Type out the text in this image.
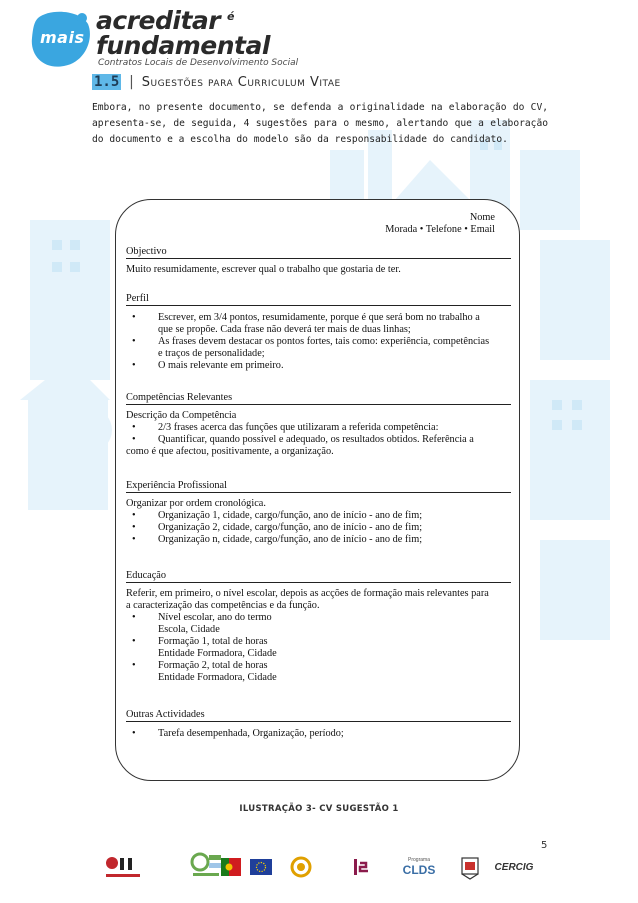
mais
acreditar
fundamental
é
Contratos Locais de Desenvolvimento Social
1.5 | Sugestões para Curriculum Vitae

Embora, no presente documento, se defenda a originalidade na elaboração do CV, apresenta-se, de seguida, 4 sugestões para o mesmo, alertando que a elaboração do documento e a escolha do modelo são da responsabilidade do candidato.

Nome
Morada • Telefone • Email
Objectivo
Muito resumidamente, escrever qual o trabalho que gostaria de ter.
Perfil
• Escrever, em 3/4 pontos, resumidamente, porque é que será bom no trabalho a
que se propõe. Cada frase não deverá ter mais de duas linhas;
• As frases devem destacar os pontos fortes, tais como: experiência, competências
e traços de personalidade;
• O mais relevante em primeiro.
Competências Relevantes
Descrição da Competência
• 2/3 frases acerca das funções que utilizaram a referida competência:
• Quantificar, quando possível e adequado, os resultados obtidos. Referência a
como é que afectou, positivamente, a organização.
Experiência Profissional
Organizar por ordem cronológica.
• Organização 1, cidade, cargo/função, ano de início - ano de fim;
• Organização 2, cidade, cargo/função, ano de início - ano de fim;
• Organização n, cidade, cargo/função, ano de início - ano de fim;
Educação
Referir, em primeiro, o nível escolar, depois as acções de formação mais relevantes para
a caracterização das competências e da função.
• Nível escolar, ano do termo
Escola, Cidade
• Formação 1, total de horas
Entidade Formadora, Cidade
• Formação 2, total de horas
Entidade Formadora, Cidade
Outras Actividades
• Tarefa desempenhada, Organização, período;
ILUSTRAÇÃO 3- CV SUGESTÃO 1
5
Programa
CLDS	CERCIG
